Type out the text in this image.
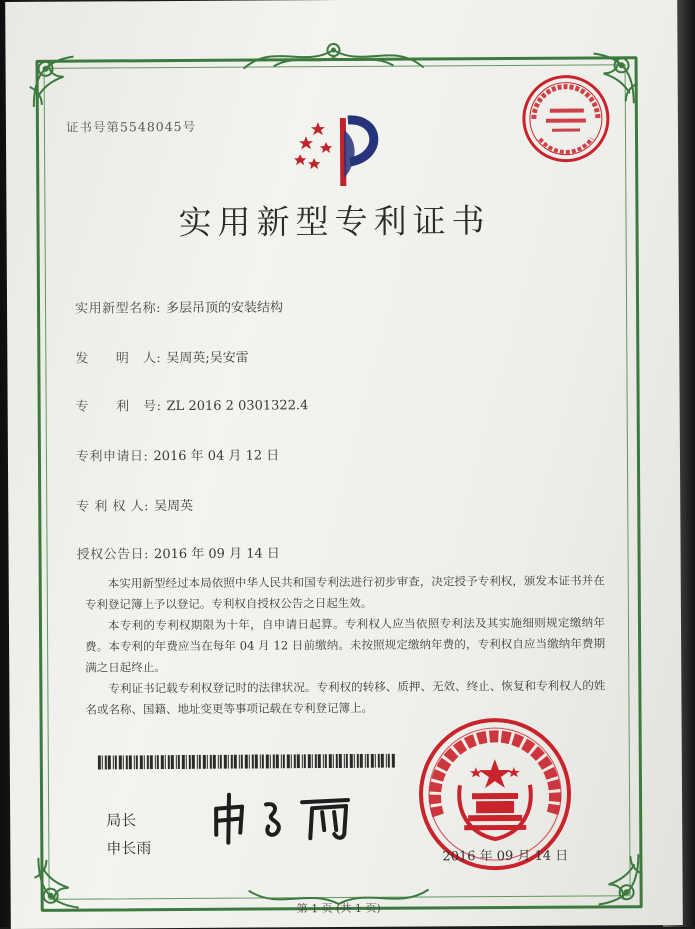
证书号第5548045号
实用新型专利证书
实用新型名称: 多层吊顶的安装结构
发　　明　人: 吴周英;吴安雷
专　　利　号: ZL 2016 2 0301322.4
专利申请日: 2016 年 04 月 12 日
专 利 权 人: 吴周英
授权公告日: 2016 年 09 月 14 日

本实用新型经过本局依照中华人民共和国专利法进行初步审查，决定授予专利权，颁发本证书并在专利登记簿上予以登记。专利权自授权公告之日起生效。

本专利的专利权期限为十年，自申请日起算。专利权人应当依照专利法及其实施细则规定缴纳年费。本专利的年费应当在每年 04 月 12 日前缴纳。未按照规定缴纳年费的，专利权自应当缴纳年费期满之日起终止。

专利证书记载专利权登记时的法律状况。专利权的转移、质押、无效、终止、恢复和专利权人的姓名或名称、国籍、地址变更等事项记载在专利登记簿上。

局长
申长雨	2016 年 09 月 14 日
第 1 页 (共 1 页)
